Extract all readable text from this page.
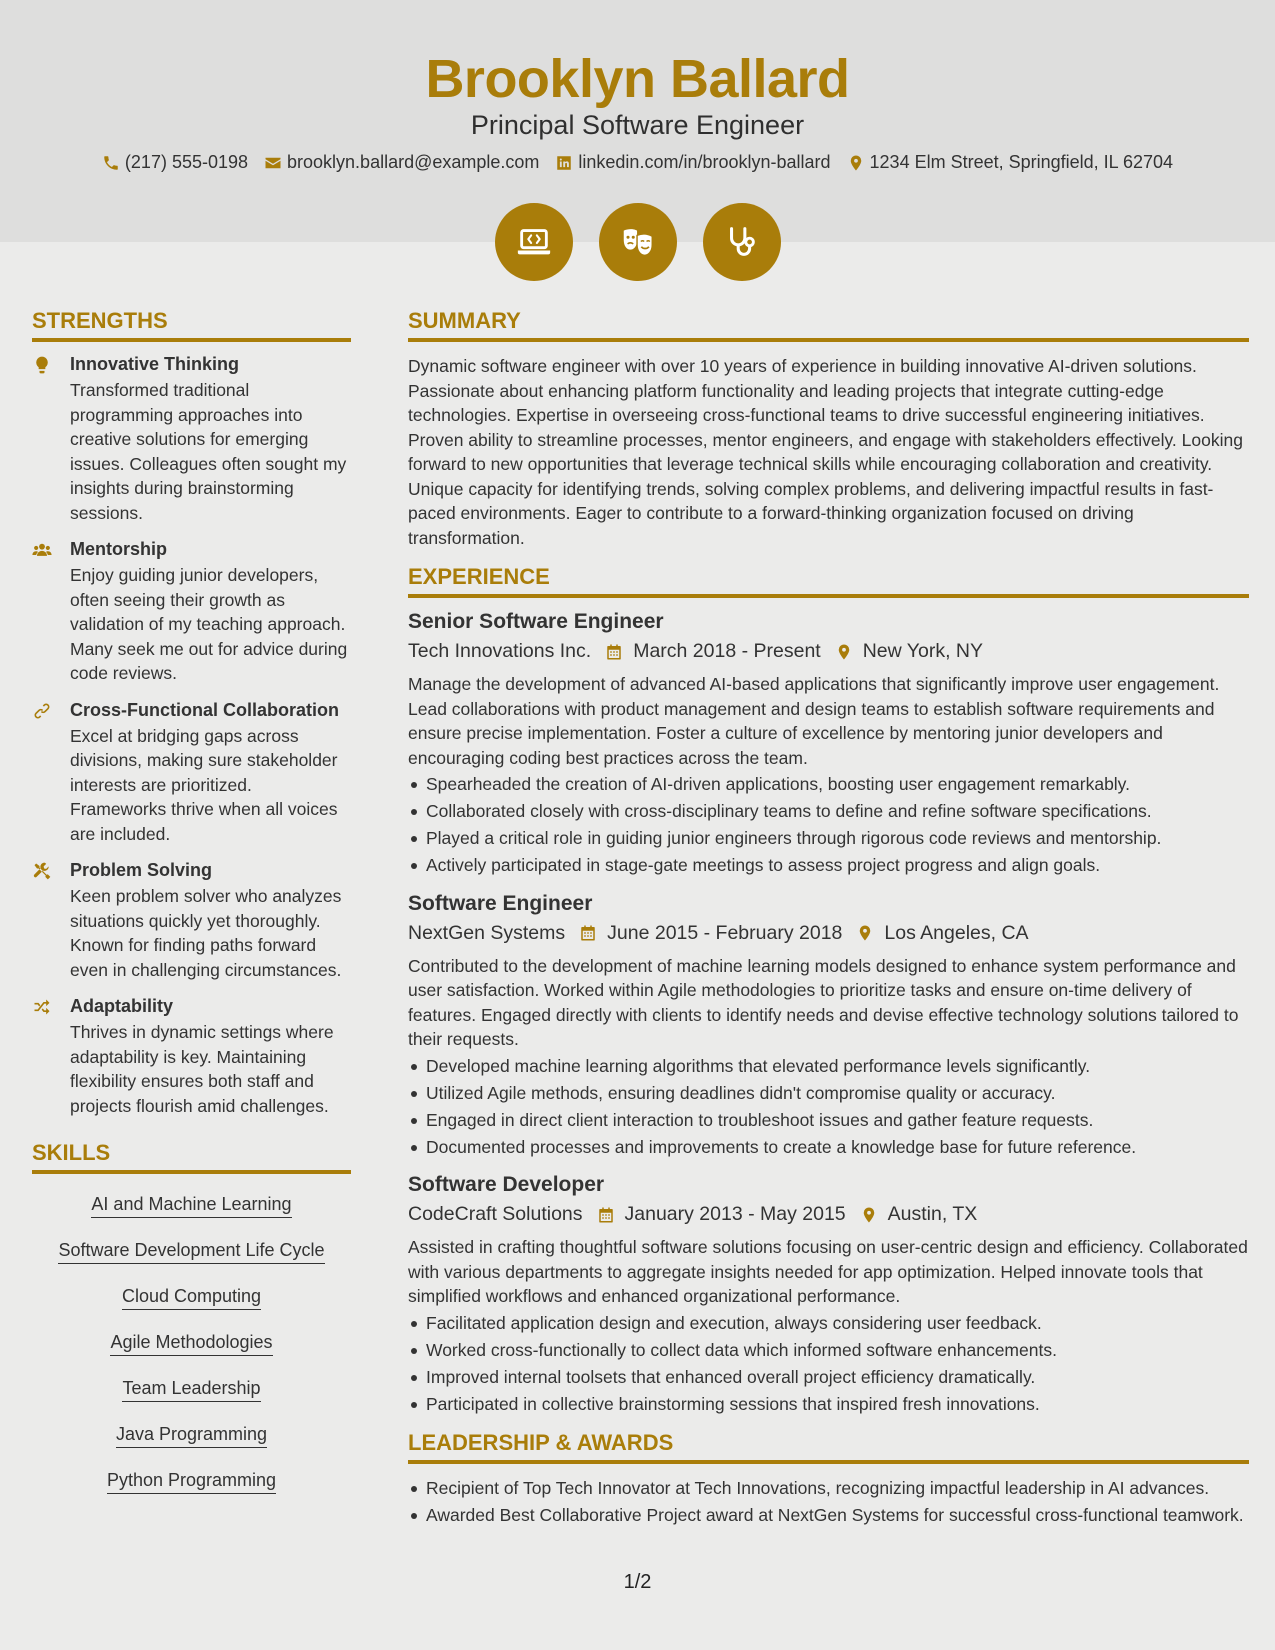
Brooklyn Ballard
Principal Software Engineer
(217) 555-0198 brooklyn.ballard@example.com linkedin.com/in/brooklyn-ballard 1234 Elm Street, Springfield, IL 62704
STRENGTHS
Innovative Thinking
Transformed traditional programming approaches into creative solutions for emerging issues. Colleagues often sought my insights during brainstorming sessions.
Mentorship
Enjoy guiding junior developers, often seeing their growth as validation of my teaching approach. Many seek me out for advice during code reviews.
Cross-Functional Collaboration
Excel at bridging gaps across divisions, making sure stakeholder interests are prioritized. Frameworks thrive when all voices are included.
Problem Solving
Keen problem solver who analyzes situations quickly yet thoroughly. Known for finding paths forward even in challenging circumstances.
Adaptability
Thrives in dynamic settings where adaptability is key. Maintaining flexibility ensures both staff and projects flourish amid challenges.
SKILLS
AI and Machine Learning
Software Development Life Cycle
Cloud Computing
Agile Methodologies
Team Leadership
Java Programming
Python Programming
SUMMARY
Dynamic software engineer with over 10 years of experience in building innovative AI-driven solutions. Passionate about enhancing platform functionality and leading projects that integrate cutting-edge technologies. Expertise in overseeing cross-functional teams to drive successful engineering initiatives. Proven ability to streamline processes, mentor engineers, and engage with stakeholders effectively. Looking forward to new opportunities that leverage technical skills while encouraging collaboration and creativity. Unique capacity for identifying trends, solving complex problems, and delivering impactful results in fast-paced environments. Eager to contribute to a forward-thinking organization focused on driving transformation.
EXPERIENCE
Senior Software Engineer
Tech Innovations Inc. March 2018 - Present New York, NY
Manage the development of advanced AI-based applications that significantly improve user engagement. Lead collaborations with product management and design teams to establish software requirements and ensure precise implementation. Foster a culture of excellence by mentoring junior developers and encouraging coding best practices across the team.
Spearheaded the creation of AI-driven applications, boosting user engagement remarkably.
Collaborated closely with cross-disciplinary teams to define and refine software specifications.
Played a critical role in guiding junior engineers through rigorous code reviews and mentorship.
Actively participated in stage-gate meetings to assess project progress and align goals.
Software Engineer
NextGen Systems June 2015 - February 2018 Los Angeles, CA
Contributed to the development of machine learning models designed to enhance system performance and user satisfaction. Worked within Agile methodologies to prioritize tasks and ensure on-time delivery of features. Engaged directly with clients to identify needs and devise effective technology solutions tailored to their requests.
Developed machine learning algorithms that elevated performance levels significantly.
Utilized Agile methods, ensuring deadlines didn't compromise quality or accuracy.
Engaged in direct client interaction to troubleshoot issues and gather feature requests.
Documented processes and improvements to create a knowledge base for future reference.
Software Developer
CodeCraft Solutions January 2013 - May 2015 Austin, TX
Assisted in crafting thoughtful software solutions focusing on user-centric design and efficiency. Collaborated with various departments to aggregate insights needed for app optimization. Helped innovate tools that simplified workflows and enhanced organizational performance.
Facilitated application design and execution, always considering user feedback.
Worked cross-functionally to collect data which informed software enhancements.
Improved internal toolsets that enhanced overall project efficiency dramatically.
Participated in collective brainstorming sessions that inspired fresh innovations.
LEADERSHIP & AWARDS
Recipient of Top Tech Innovator at Tech Innovations, recognizing impactful leadership in AI advances.
Awarded Best Collaborative Project award at NextGen Systems for successful cross-functional teamwork.
1/2
